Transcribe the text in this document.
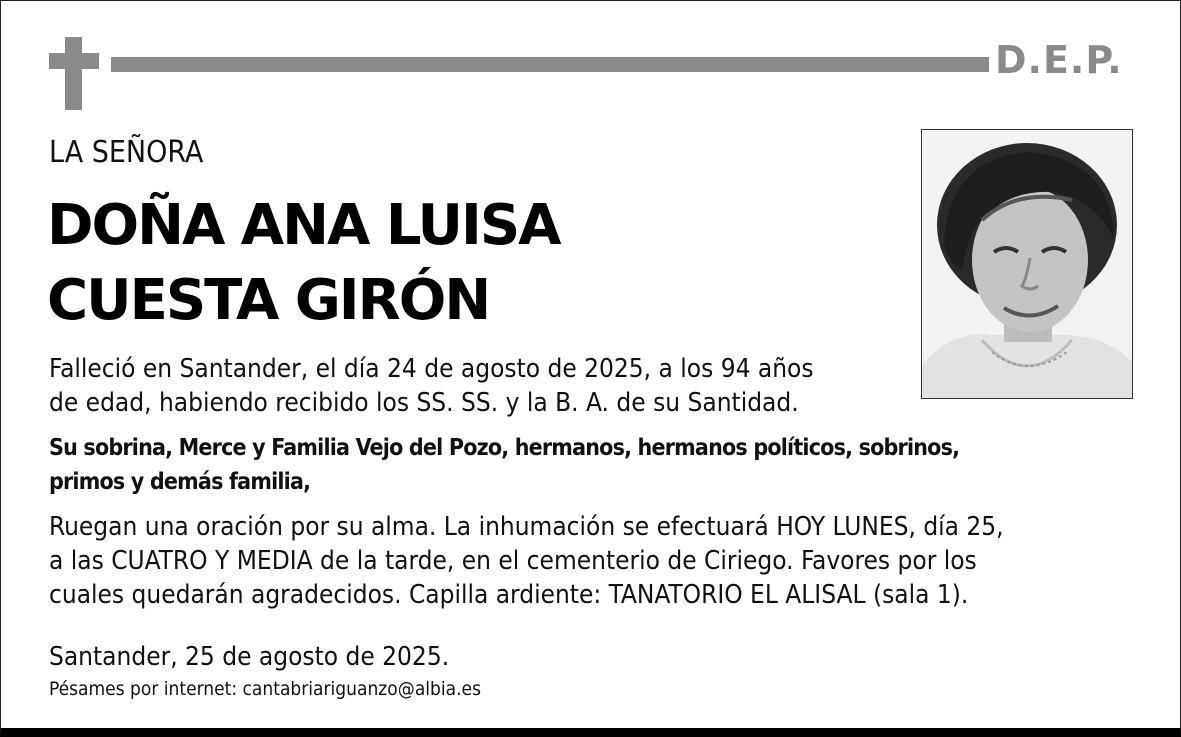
D.E.P.
LA SEÑORA
DOÑA ANA LUISA
CUESTA GIRÓN
Falleció en Santander, el día 24 de agosto de 2025, a los 94 años
de edad, habiendo recibido los SS. SS. y la B. A. de su Santidad.
Su sobrina, Merce y Familia Vejo del Pozo, hermanos, hermanos políticos, sobrinos,
primos y demás familia,
Ruegan una oración por su alma. La inhumación se efectuará HOY LUNES, día 25,
a las CUATRO Y MEDIA de la tarde, en el cementerio de Ciriego. Favores por los
cuales quedarán agradecidos. Capilla ardiente: TANATORIO EL ALISAL (sala 1).
Santander, 25 de agosto de 2025.
Pésames por internet: cantabriariguanzo@albia.es
